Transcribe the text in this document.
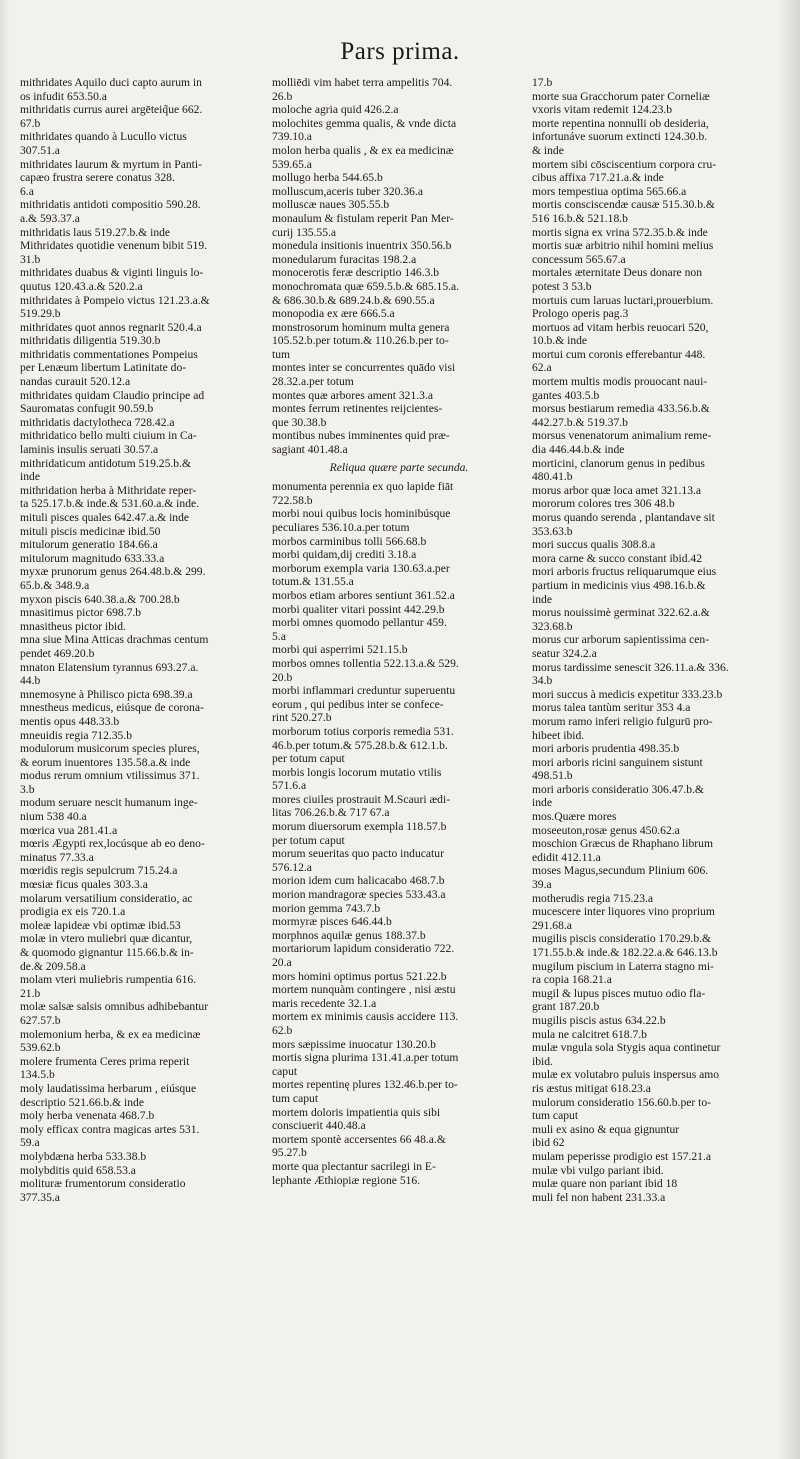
Pars prima.
mithridates Aquilo duci capto aurum in
os infudit 653.50.a
mithridatis currus aurei argēteiq̃ue 662.
67.b
mithridates quando à Lucullo victus
307.51.a
mithridates laurum & myrtum in Panti-
capæo frustra serere conatus 328.
6.a
mithridatis antidoti compositio 590.28.
a.& 593.37.a
mithridatis laus 519.27.b.& inde
Mithridates quotidie venenum bibit 519.
31.b
mithridates duabus & viginti linguis lo-
quutus 120.43.a.& 520.2.a
mithridates à Pompeio victus 121.23.a.&
519.29.b
mithridates quot annos regnarit 520.4.a
mithridatis diligentia 519.30.b
mithridatis commentationes Pompeius
per Lenæum libertum Latinitate do-
nandas curauit 520.12.a
mithridates quidam Claudio principe ad
Sauromatas confugit 90.59.b
mithridatis dactylotheca 728.42.a
mithridatico bello multi ciuium in Ca-
laminis insulis seruati 30.57.a
mithridaticum antidotum 519.25.b.&
inde
mithridation herba à Mithridate reper-
ta 525.17.b.& inde.& 531.60.a.& inde.
mituli pisces quales 642.47.a.& inde
mituli piscis medicinæ ibid.50
mitulorum generatio 184.66.a
mitulorum magnitudo 633.33.a
myxæ prunorum genus 264.48.b.& 299.
65.b.& 348.9.a
myxon piscis 640.38.a.& 700.28.b
mnasitimus pictor 698.7.b
mnasitheus pictor ibid.
mna siue Mina Atticas drachmas centum
pendet 469.20.b
mnaton Elatensium tyrannus 693.27.a.
44.b
mnemosyne à Philisco picta 698.39.a
mnestheus medicus, eiúsque de corona-
mentis opus 448.33.b
mneuidis regia 712.35.b
modulorum musicorum species plures,
& eorum inuentores 135.58.a.& inde
modus rerum omnium vtilissimus 371.
3.b
modum seruare nescit humanum inge-
nium 538 40.a
mœrica vua 281.41.a
mœris Ægypti rex,locúsque ab eo deno-
minatus 77.33.a
mœridis regis sepulcrum 715.24.a
mœsiæ ficus quales 303.3.a
molarum versatilium consideratio, ac
prodigia ex eis 720.1.a
moleæ lapideæ vbi optimæ ibid.53
molæ in vtero muliebri quæ dicantur,
& quomodo gignantur 115.66.b.& in-
de.& 209.58.a
molam vteri muliebris rumpentia 616.
21.b
molæ salsæ salsis omnibus adhibebantur
627.57.b
molemonium herba, & ex ea medicinæ
539.62.b
molere frumenta Ceres prima reperit
134.5.b
moly laudatissima herbarum , eiúsque
descriptio 521.66.b.& inde
moly herba venenata 468.7.b
moly efficax contra magicas artes 531.
59.a
molybdæna herba 533.38.b
molybditis quid 658.53.a
molituræ frumentorum consideratio
377.35.a
molliēdi vim habet terra ampelitis 704.
26.b
moloche agria quid 426.2.a
molochites gemma qualis, & vnde dicta
739.10.a
molon herba qualis , & ex ea medicinæ
539.65.a
mollugo herba 544.65.b
molluscum,aceris tuber 320.36.a
molluscæ naues 305.55.b
monaulum & fistulam reperit Pan Mer-
curij 135.55.a
monedula insitionis inuentrix 350.56.b
monedularum furacitas 198.2.a
monocerotis feræ descriptio 146.3.b
monochromata quæ 659.5.b.& 685.15.a.
& 686.30.b.& 689.24.b.& 690.55.a
monopodia ex ære 666.5.a
monstrosorum hominum multa genera
105.52.b.per totum.& 110.26.b.per to-
tum
montes inter se concurrentes quādo visi
28.32.a.per totum
montes quæ arbores ament 321.3.a
montes ferrum retinentes reijcientes-
que 30.38.b
montibus nubes imminentes quid præ-
sagiant 401.48.a
Reliqua quære parte secunda.
monumenta perennia ex quo lapide fiāt
722.58.b
morbi noui quibus locis hominibúsque
peculiares 536.10.a.per totum
morbos carminibus tolli 566.68.b
morbi quidam,dij crediti 3.18.a
morborum exempla varia 130.63.a.per
totum.& 131.55.a
morbos etiam arbores sentiunt 361.52.a
morbi qualiter vitari possint 442.29.b
morbi omnes quomodo pellantur 459.
5.a
morbi qui asperrimi 521.15.b
morbos omnes tollentia 522.13.a.& 529.
20.b
morbi inflammari creduntur superuentu
eorum , qui pedibus inter se confece-
rint 520.27.b
morborum totius corporis remedia 531.
46.b.per totum.& 575.28.b.& 612.1.b.
per totum caput
morbis longis locorum mutatio vtilis
571.6.a
mores ciuiles prostrauit M.Scauri ædi-
litas 706.26.b.& 717 67.a
morum diuersorum exempla 118.57.b
per totum caput
morum seueritas quo pacto inducatur
576.12.a
morion idem cum halicacabo 468.7.b
morion mandragoræ species 533.43.a
morion gemma 743.7.b
mormyræ pisces 646.44.b
morphnos aquilæ genus 188.37.b
mortariorum lapidum consideratio 722.
20.a
mors homini optimus portus 521.22.b
mortem nunquàm contingere , nisi æstu
maris recedente 32.1.a
mortem ex minimis causis accidere 113.
62.b
mors sæpissime inuocatur 130.20.b
mortis signa plurima 131.41.a.per totum
caput
mortes repentinę plures 132.46.b.per to-
tum caput
mortem doloris impatientia quis sibi
consciuerit 440.48.a
mortem spontè accersentes 66 48.a.&
95.27.b
morte qua plectantur sacrilegi in E-
lephante Æthiopiæ regione 516.
17.b
morte sua Gracchorum pater Corneliæ
vxoris vitam redemit 124.23.b
morte repentina nonnulli ob desideria,
infortunáve suorum extincti 124.30.b.
& inde
mortem sibi cōsciscentium corpora cru-
cibus affixa 717.21.a.& inde
mors tempestiua optima 565.66.a
mortis consciscendæ causæ 515.30.b.&
516 16.b.& 521.18.b
mortis signa ex vrina 572.35.b.& inde
mortis suæ arbitrio nihil homini melius
concessum 565.67.a
mortales æternitate Deus donare non
potest 3 53.b
mortuis cum laruas luctari,prouerbium.
Prologo operis pag.3
mortuos ad vitam herbis reuocari 520,
10.b.& inde
mortui cum coronis efferebantur 448.
62.a
mortem multis modis prouocant naui-
gantes 403.5.b
morsus bestiarum remedia 433.56.b.&
442.27.b.& 519.37.b
morsus venenatorum animalium reme-
dia 446.44.b.& inde
morticini, clanorum genus in pedibus
480.41.b
morus arbor quæ loca amet 321.13.a
mororum colores tres 306 48.b
morus quando serenda , plantandave sit
353.63.b
mori succus qualis 308.8.a
mora carne & succo constant ibid.42
mori arboris fructus reliquarumque eius
partium in medicinis vius 498.16.b.&
inde
morus nouissimè germinat 322.62.a.&
323.68.b
morus cur arborum sapientissima cen-
seatur 324.2.a
morus tardissime senescit 326.11.a.& 336.
34.b
mori succus à medicis expetitur 333.23.b
morus talea tantùm seritur 353 4.a
morum ramo inferi religio fulgurū pro-
hibeet ibid.
mori arboris prudentia 498.35.b
mori arboris ricini sanguinem sistunt
498.51.b
mori arboris consideratio 306.47.b.&
inde
mos.Quære mores
moseeuton,rosæ genus 450.62.a
moschion Græcus de Rhaphano librum
edidit 412.11.a
moses Magus,secundum Plinium 606.
39.a
motherudis regia 715.23.a
mucescere inter liquores vino proprium
291.68.a
mugilis piscis consideratio 170.29.b.&
171.55.b.& inde.& 182.22.a.& 646.13.b
mugilum piscium in Laterra stagno mi-
ra copia 168.21.a
mugil & lupus pisces mutuo odio fla-
grant 187.20.b
mugilis piscis astus 634.22.b
mula ne calcitret 618.7.b
mulæ vngula sola Stygis aqua continetur
ibid.
mulæ ex volutabro puluis inspersus amo
ris æstus mitigat 618.23.a
mulorum consideratio 156.60.b.per to-
tum caput
muli ex asino & equa gignuntur
ibid 62
mulam peperisse prodigio est 157.21.a
mulæ vbi vulgo pariant ibid.
mulæ quare non pariant ibid 18
muli fel non habent 231.33.a
